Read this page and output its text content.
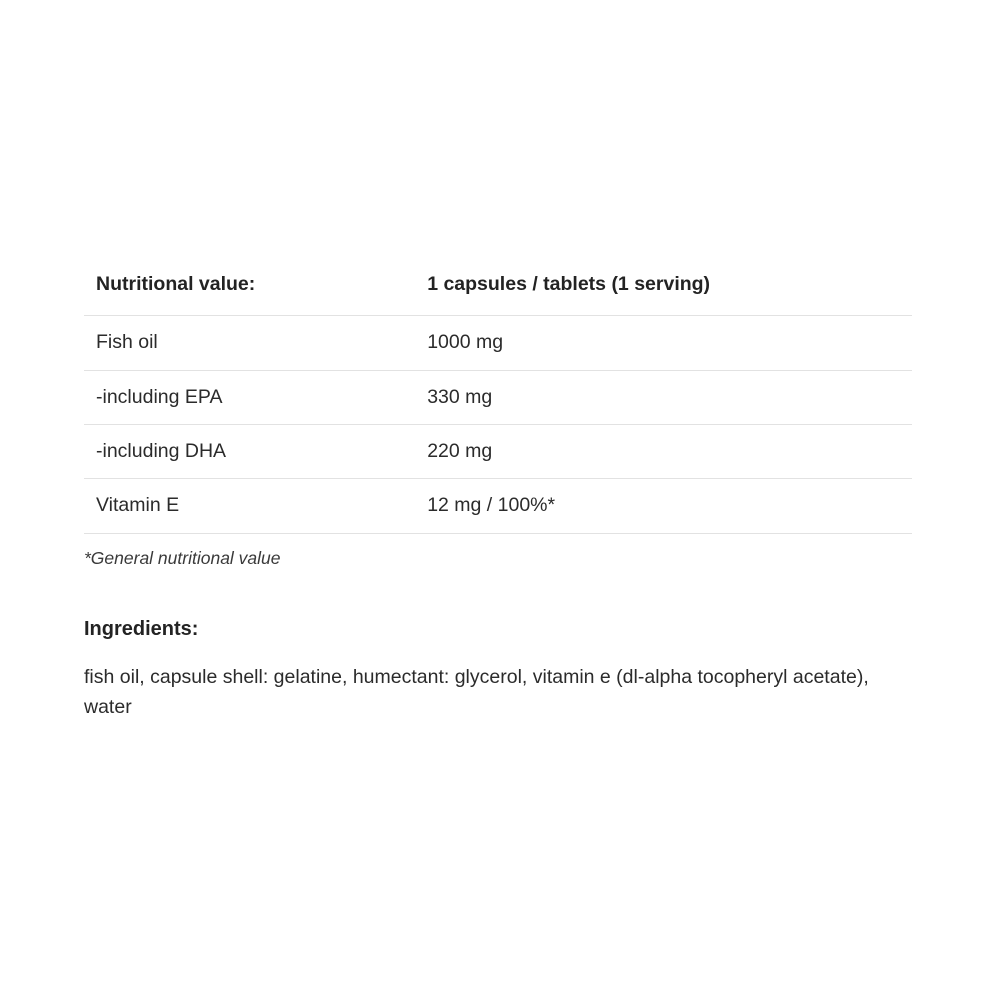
Nutritional value:	1 capsules / tablets (1 serving)
Fish oil	1000 mg
-including EPA	330 mg
-including DHA	220 mg
Vitamin E	12 mg / 100%*
*General nutritional value
Ingredients:
fish oil, capsule shell: gelatine, humectant: glycerol, vitamin e (dl-alpha tocopheryl acetate), water
